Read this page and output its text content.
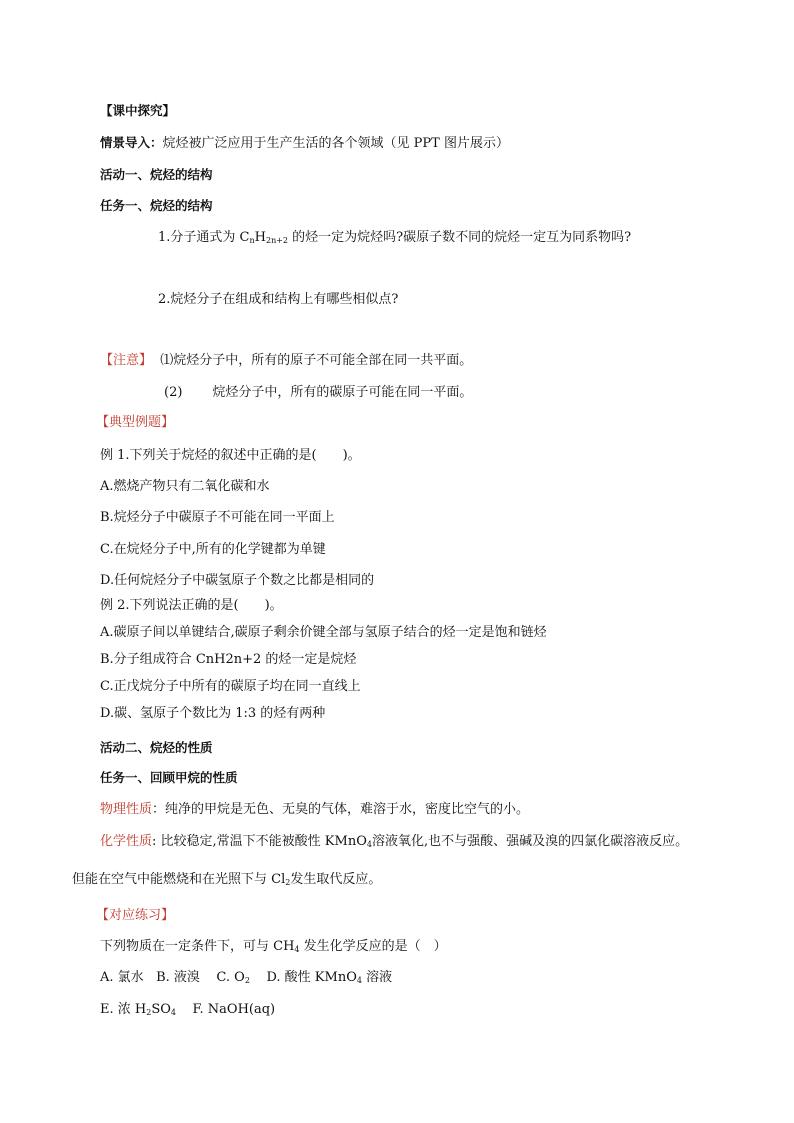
【课中探究】
情景导入：烷烃被广泛应用于生产生活的各个领域（见 PPT 图片展示）
活动一、烷烃的结构
任务一、烷烃的结构
1.分子通式为 $C_nH_{2n+2}$ 的烃一定为烷烃吗?碳原子数不同的烷烃一定互为同系物吗?
2.烷烃分子在组成和结构上有哪些相似点?
【注意】 ⑴烷烃分子中，所有的原子不可能全部在同一共平面。
(2) 烷烃分子中，所有的碳原子可能在同一平面。
【典型例题】
例 1.下列关于烷烃的叙述中正确的是(　　)。
A.燃烧产物只有二氧化碳和水
B.烷烃分子中碳原子不可能在同一平面上
C.在烷烃分子中,所有的化学键都为单键
D.任何烷烃分子中碳氢原子个数之比都是相同的
例 2.下列说法正确的是(　　)。
A.碳原子间以单键结合,碳原子剩余价键全部与氢原子结合的烃一定是饱和链烃
B.分子组成符合 CnH2n+2 的烃一定是烷烃
C.正戊烷分子中所有的碳原子均在同一直线上
D.碳、氢原子个数比为 1:3 的烃有两种
活动二、烷烃的性质
任务一、回顾甲烷的性质
物理性质：纯净的甲烷是无色、无臭的气体，难溶于水，密度比空气的小。
化学性质: 比较稳定,常温下不能被酸性 KMnO$_4$溶液氧化,也不与强酸、强碱及溴的四氯化碳溶液反应。
但能在空气中能燃烧和在光照下与 $Cl_2$发生取代反应。
【对应练习】
下列物质在一定条件下，可与 $CH_4$ 发生化学反应的是（　）
A. 氯水 B. 液溴 C. $O_2$ D. 酸性 KMnO$_4$ 溶液
E. 浓 $H_2SO_4$ F. NaOH(aq)
